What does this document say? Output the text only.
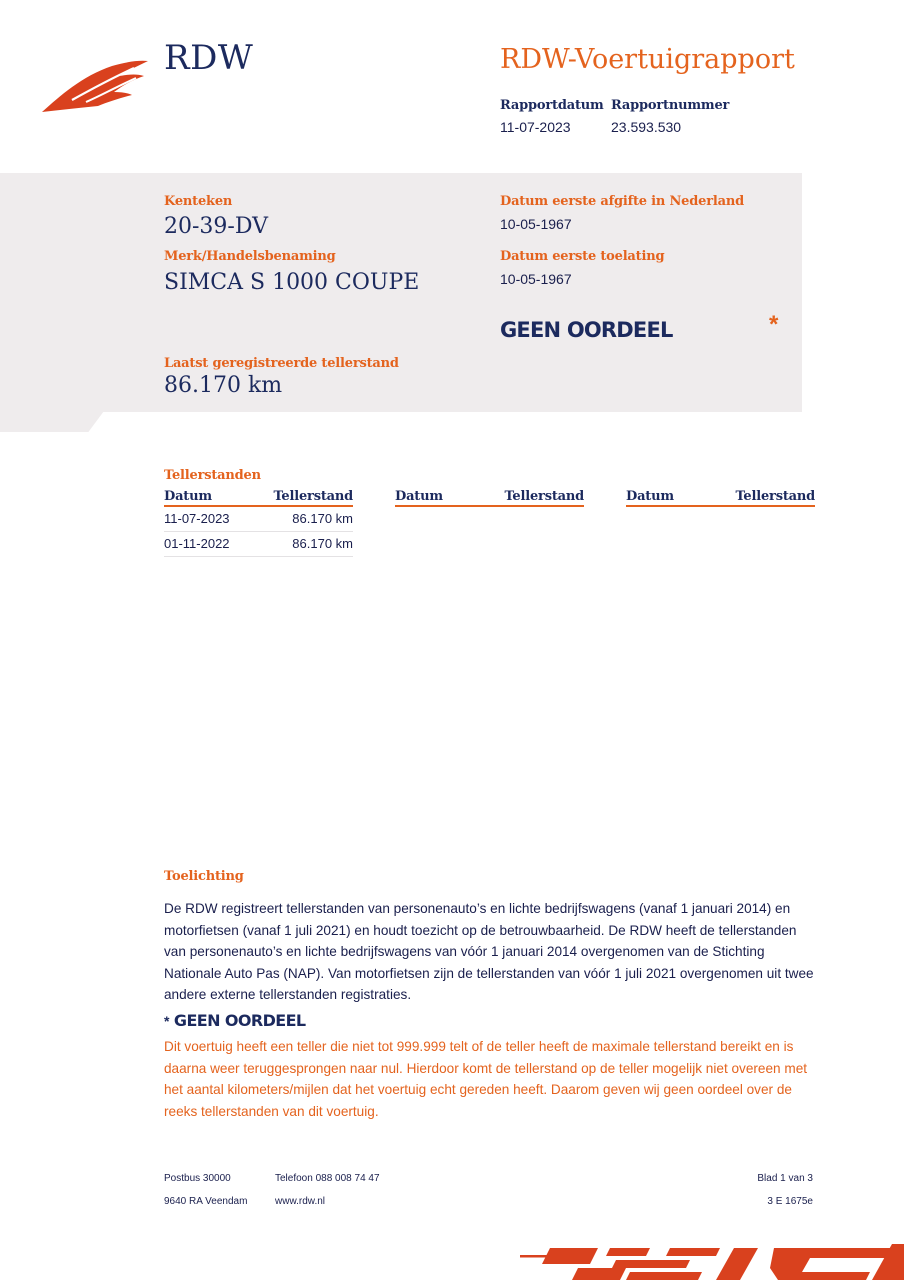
RDW	RDW-Voertuigrapport
Rapportdatum
11-07-2023
Rapportnummer
23.593.530
Kenteken
20-39-DV
Merk/Handelsbenaming
SIMCA S 1000 COUPE
Datum eerste afgifte in Nederland
10-05-1967
Datum eerste toelating
10-05-1967
GEEN OORDEEL	*
Laatst geregistreerde tellerstand
86.170 km
Tellerstanden
Datum	Tellerstand
11-07-2023	86.170 km
01-11-2022	86.170 km
Datum	Tellerstand	Datum	Tellerstand
Toelichting
De RDW registreert tellerstanden van personenauto’s en lichte bedrijfswagens (vanaf 1 januari 2014) en motorfietsen (vanaf 1 juli 2021) en houdt toezicht op de betrouwbaarheid. De RDW heeft de tellerstanden van personenauto’s en lichte bedrijfswagens van vóór 1 januari 2014 overgenomen van de Stichting Nationale Auto Pas (NAP). Van motorfietsen zijn de tellerstanden van vóór 1 juli 2021 overgenomen uit twee andere externe tellerstanden registraties.
* GEEN OORDEEL
Dit voertuig heeft een teller die niet tot 999.999 telt of de teller heeft de maximale tellerstand bereikt en is daarna weer teruggesprongen naar nul. Hierdoor komt de tellerstand op de teller mogelijk niet overeen met het aantal kilometers/mijlen dat het voertuig echt gereden heeft. Daarom geven wij geen oordeel over de reeks tellerstanden van dit voertuig.
Postbus 30000
9640 RA Veendam
Telefoon 088 008 74 47
www.rdw.nl
Blad 1 van 3
3 E 1675e
